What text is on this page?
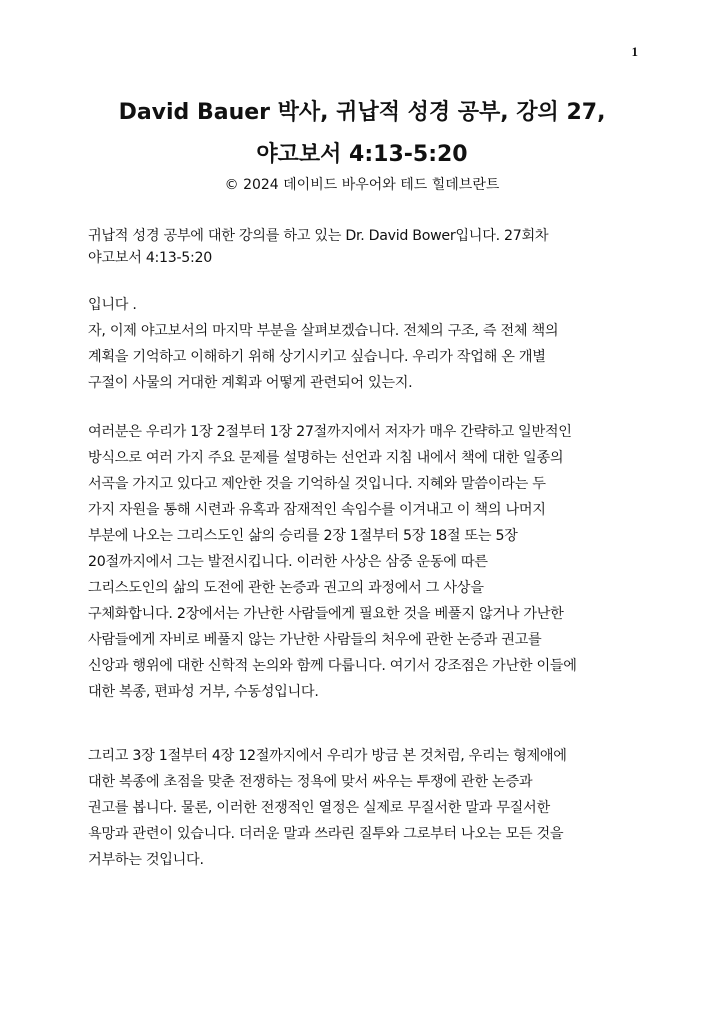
1
David Bauer 박사, 귀납적 성경 공부, 강의 27,
야고보서 4:13-5:20
© 2024 데이비드 바우어와 테드 힐데브란트
귀납적 성경 공부에 대한 강의를 하고 있는 Dr. David Bower입니다. 27회차
야고보서 4:13-5:20
입니다 .
자, 이제 야고보서의 마지막 부분을 살펴보겠습니다. 전체의 구조, 즉 전체 책의
계획을 기억하고 이해하기 위해 상기시키고 싶습니다. 우리가 작업해 온 개별
구절이 사물의 거대한 계획과 어떻게 관련되어 있는지.
여러분은 우리가 1장 2절부터 1장 27절까지에서 저자가 매우 간략하고 일반적인
방식으로 여러 가지 주요 문제를 설명하는 선언과 지침 내에서 책에 대한 일종의
서곡을 가지고 있다고 제안한 것을 기억하실 것입니다. 지혜와 말씀이라는 두
가지 자원을 통해 시련과 유혹과 잠재적인 속임수를 이겨내고 이 책의 나머지
부분에 나오는 그리스도인 삶의 승리를 2장 1절부터 5장 18절 또는 5장
20절까지에서 그는 발전시킵니다. 이러한 사상은 삼중 운동에 따른
그리스도인의 삶의 도전에 관한 논증과 권고의 과정에서 그 사상을
구체화합니다. 2장에서는 가난한 사람들에게 필요한 것을 베풀지 않거나 가난한
사람들에게 자비로 베풀지 않는 가난한 사람들의 처우에 관한 논증과 권고를
신앙과 행위에 대한 신학적 논의와 함께 다룹니다. 여기서 강조점은 가난한 이들에
대한 복종, 편파성 거부, 수동성입니다.
그리고 3장 1절부터 4장 12절까지에서 우리가 방금 본 것처럼, 우리는 형제애에
대한 복종에 초점을 맞춘 전쟁하는 정욕에 맞서 싸우는 투쟁에 관한 논증과
권고를 봅니다. 물론, 이러한 전쟁적인 열정은 실제로 무질서한 말과 무질서한
욕망과 관련이 있습니다. 더러운 말과 쓰라린 질투와 그로부터 나오는 모든 것을
거부하는 것입니다.
